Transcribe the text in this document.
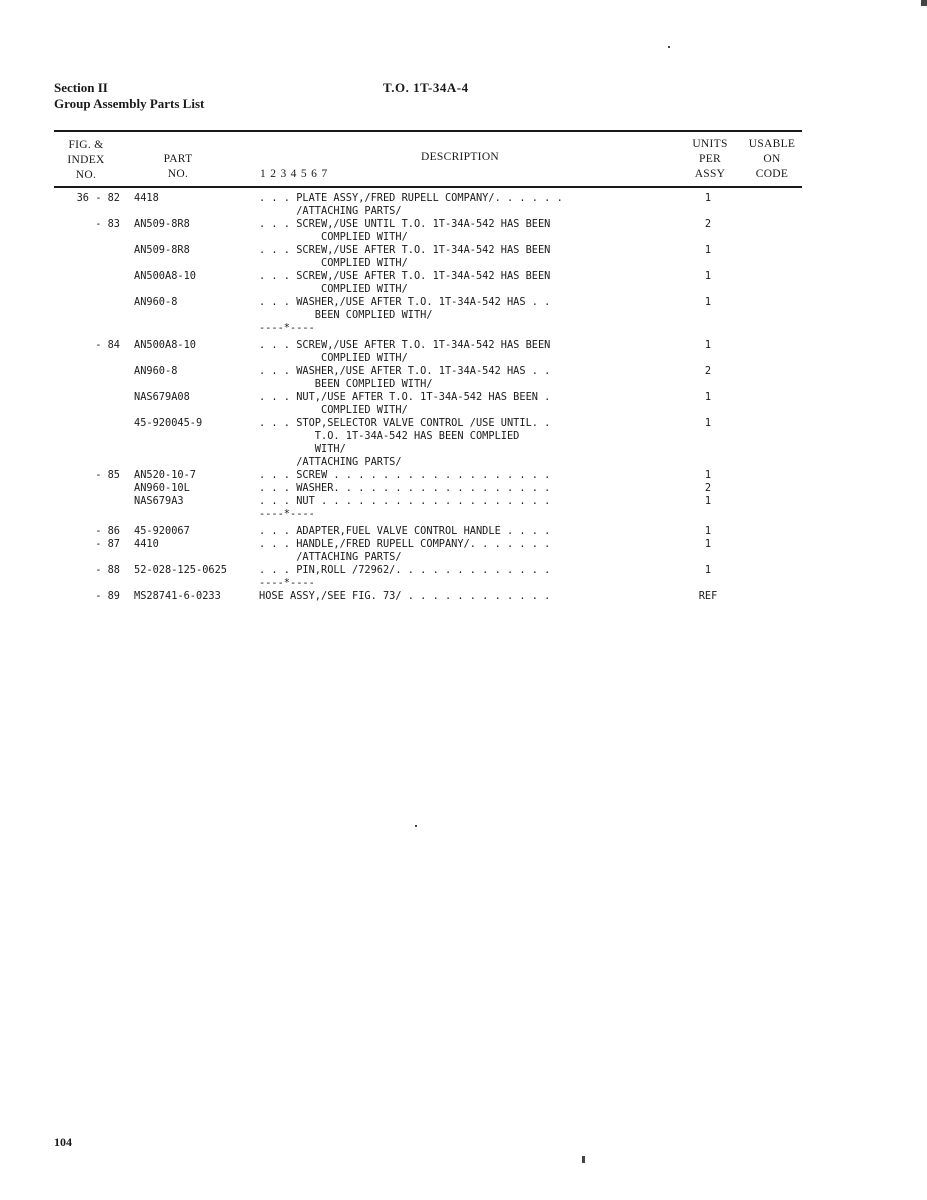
Section II
Group Assembly Parts List
T.O. 1T-34A-4
FIG. &
INDEX
NO.
PART
NO.
DESCRIPTION
1 2 3 4 5 6 7
UNITS
PER
ASSY
USABLE
ON
CODE
36 - 82 4418	. . . PLATE ASSY,/FRED RUPELL COMPANY/. . . . . .	1
/ATTACHING PARTS/
- 83 AN509-8R8	. . . SCREW,/USE UNTIL T.O. 1T-34A-542 HAS BEEN	2
COMPLIED WITH/
AN509-8R8	. . . SCREW,/USE AFTER T.O. 1T-34A-542 HAS BEEN	1
COMPLIED WITH/
AN500A8-10	. . . SCREW,/USE AFTER T.O. 1T-34A-542 HAS BEEN	1
COMPLIED WITH/
AN960-8	. . . WASHER,/USE AFTER T.O. 1T-34A-542 HAS . .	1
BEEN COMPLIED WITH/
----*----
- 84 AN500A8-10	. . . SCREW,/USE AFTER T.O. 1T-34A-542 HAS BEEN	1
COMPLIED WITH/
AN960-8	. . . WASHER,/USE AFTER T.O. 1T-34A-542 HAS . .	2
BEEN COMPLIED WITH/
NAS679A08	. . . NUT,/USE AFTER T.O. 1T-34A-542 HAS BEEN .	1
COMPLIED WITH/
45-920045-9	. . . STOP,SELECTOR VALVE CONTROL /USE UNTIL. .	1
T.O. 1T-34A-542 HAS BEEN COMPLIED
WITH/
/ATTACHING PARTS/
- 85 AN520-10-7	. . . SCREW . . . . . . . . . . . . . . . . . .	1
AN960-10L	. . . WASHER. . . . . . . . . . . . . . . . . .	2
NAS679A3	. . . NUT . . . . . . . . . . . . . . . . . . .	1
----*----
- 86 45-920067	. . . ADAPTER,FUEL VALVE CONTROL HANDLE . . . .	1
- 87 4410	. . . HANDLE,/FRED RUPELL COMPANY/. . . . . . .	1
/ATTACHING PARTS/
- 88 52-028-125-0625	. . . PIN,ROLL /72962/. . . . . . . . . . . . .	1
----*----
- 89 MS28741-6-0233	HOSE ASSY,/SEE FIG. 73/ . . . . . . . . . . . .	REF
104
